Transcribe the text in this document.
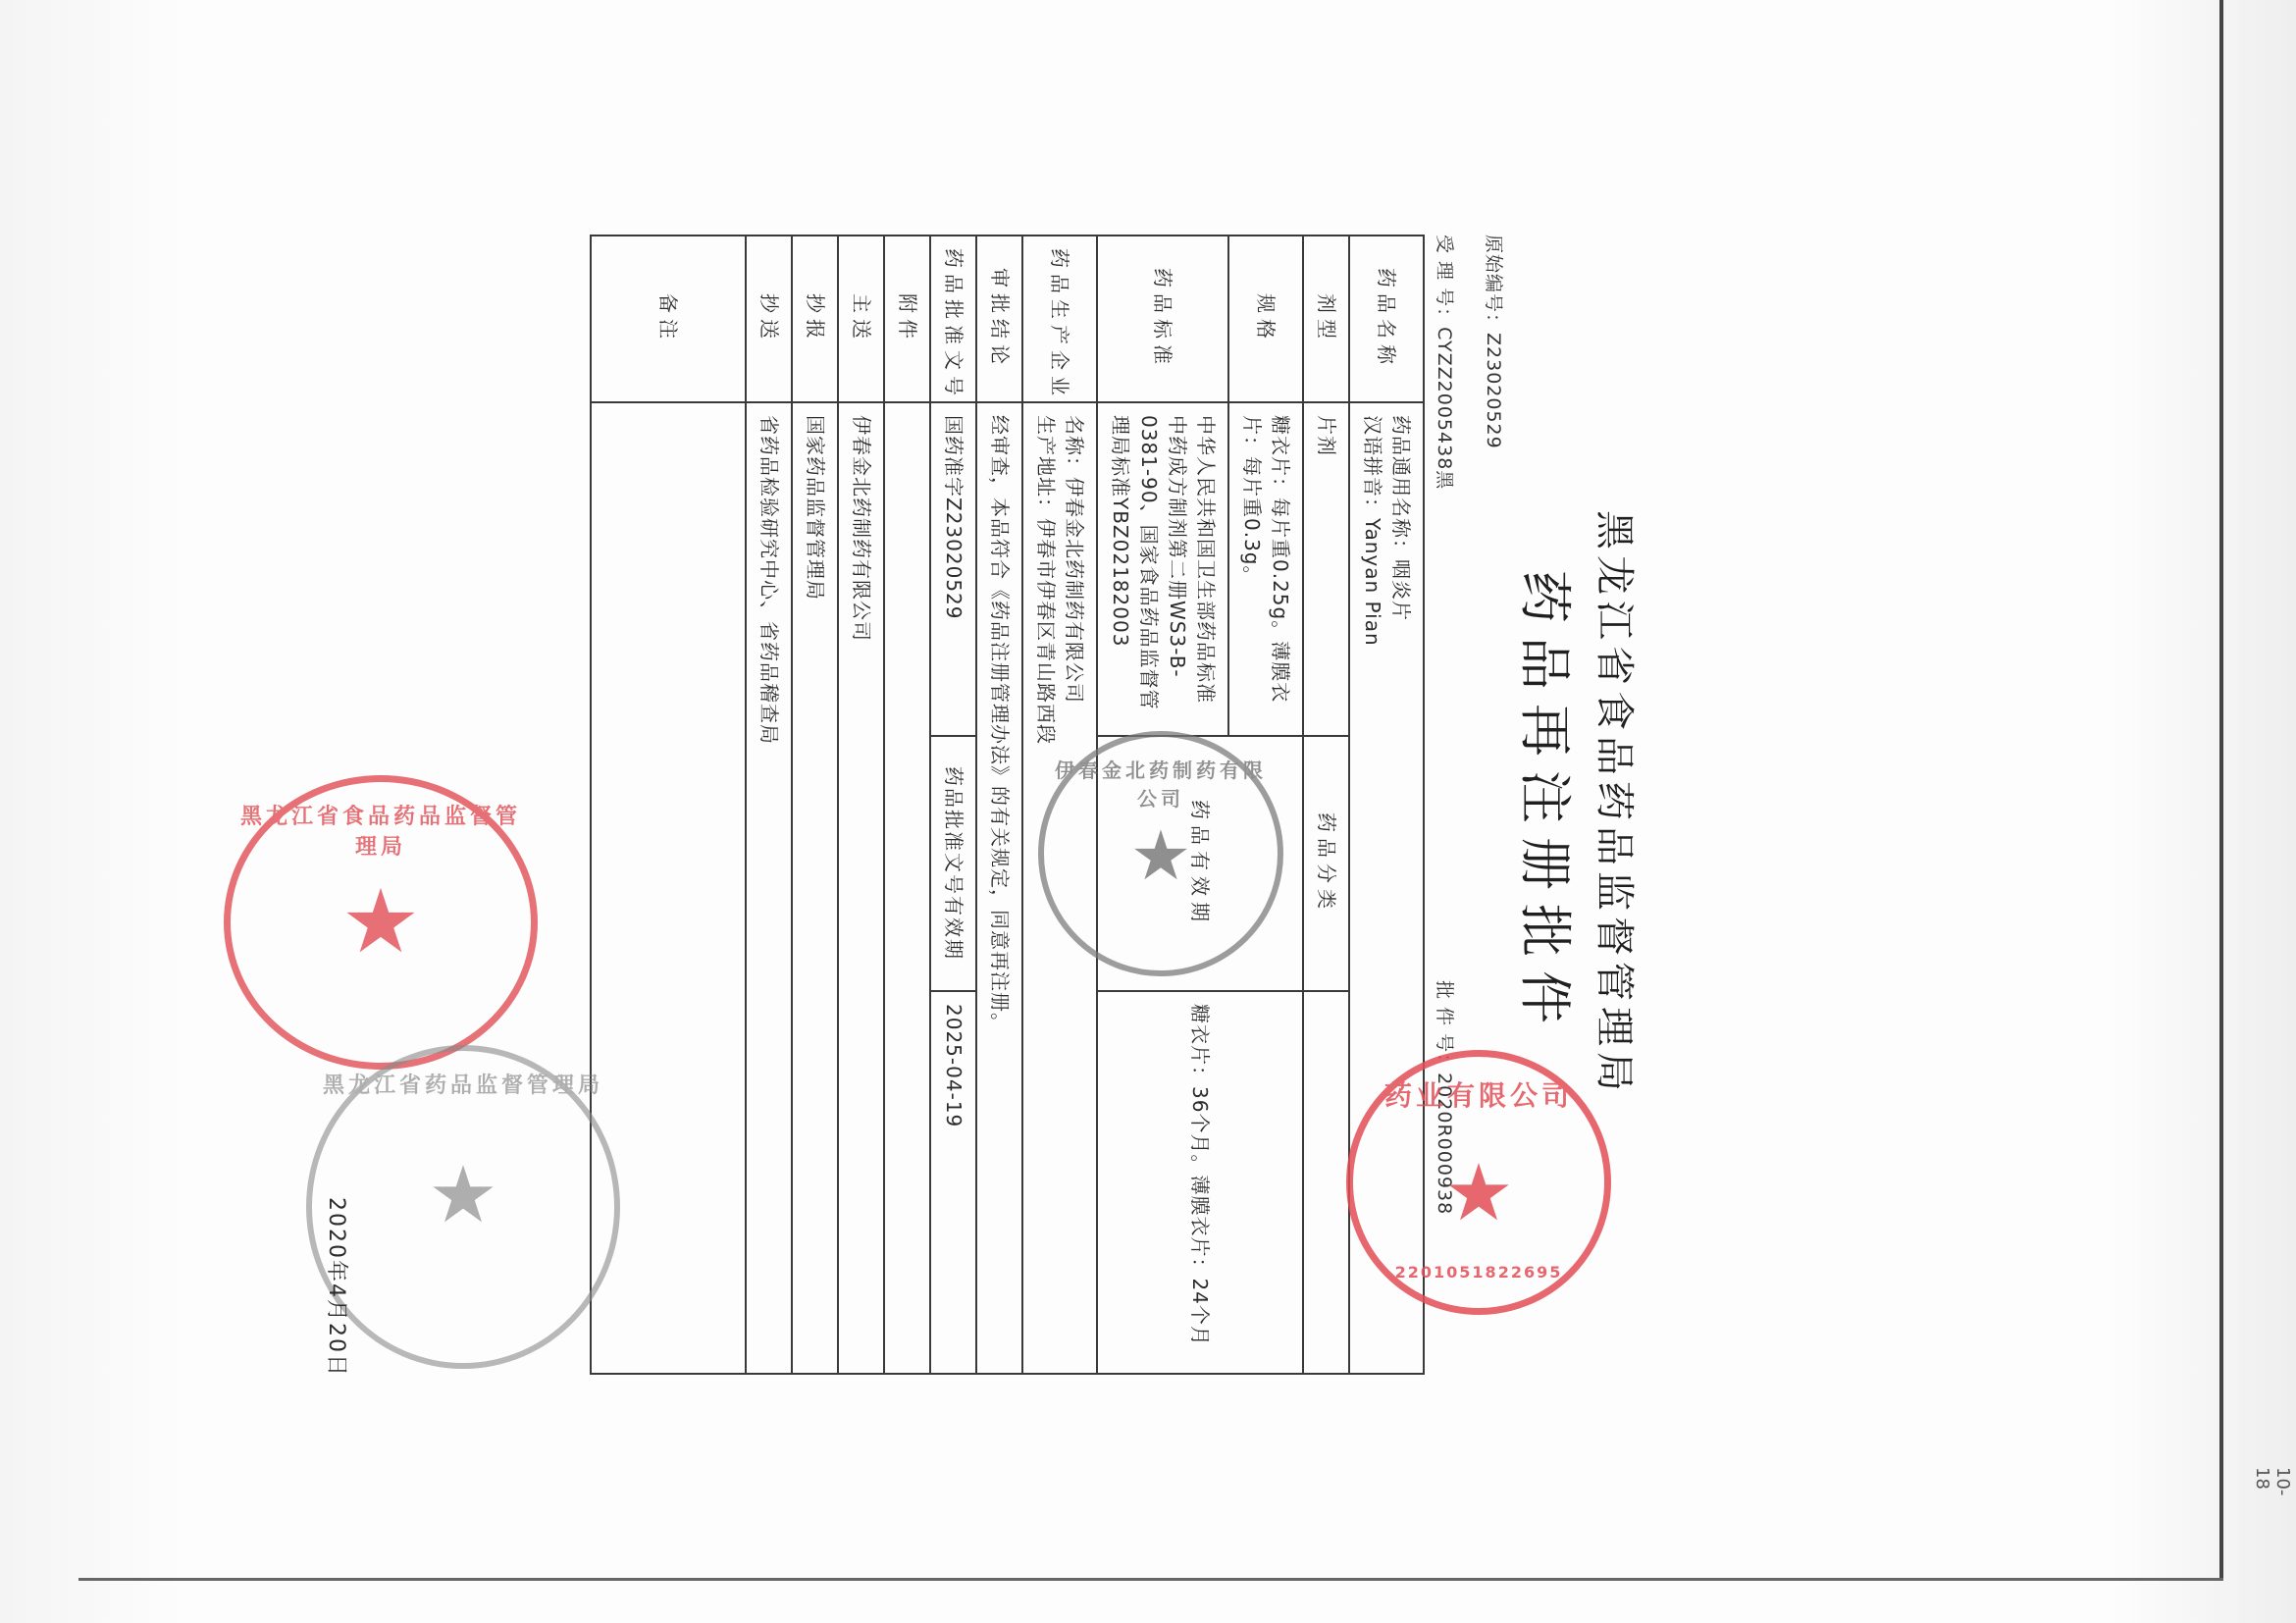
黑龙江省食品药品监督管理局
药品再注册批件
原始编号：Z23020529
受 理 号：CYZZ2005438黑
批 件 号：2020R000938
药品名称	药品通用名称：咽炎片
汉语拼音：Yanyan Pian		

剂型	片剂	药品分类	
规格	糖衣片：每片重0.25g。薄膜衣片：每片重0.3g。	药品有效期	糖衣片：36个月。薄膜衣片：24个月
药品标准	中华人民共和国卫生部药品标准中药成方制剂第二册WS3-B-0381-90、国家食品药品监督管理局标准YBZ02182003		
药品生产企业	名称：伊春金北药制药有限公司
生产地址：伊春市伊春区青山路西段		

审批结论	经审查，本品符合《药品注册管理办法》的有关规定，同意再注册。		
药品批准文号	国药准字Z23020529	药品批准文号有效期	2025-04-19
附件			
主送	伊春金北药制药有限公司		
抄报	国家药品监督管理局		
抄送	省药品检验研究中心、省药品稽查局		
备注			
药业有限公司
★
2201051822695
伊春金北药制药有限公司
★
黑龙江省食品药品监督管理局
★
黑龙江省药品监督管理局
★
2020年4月20日
10-18
